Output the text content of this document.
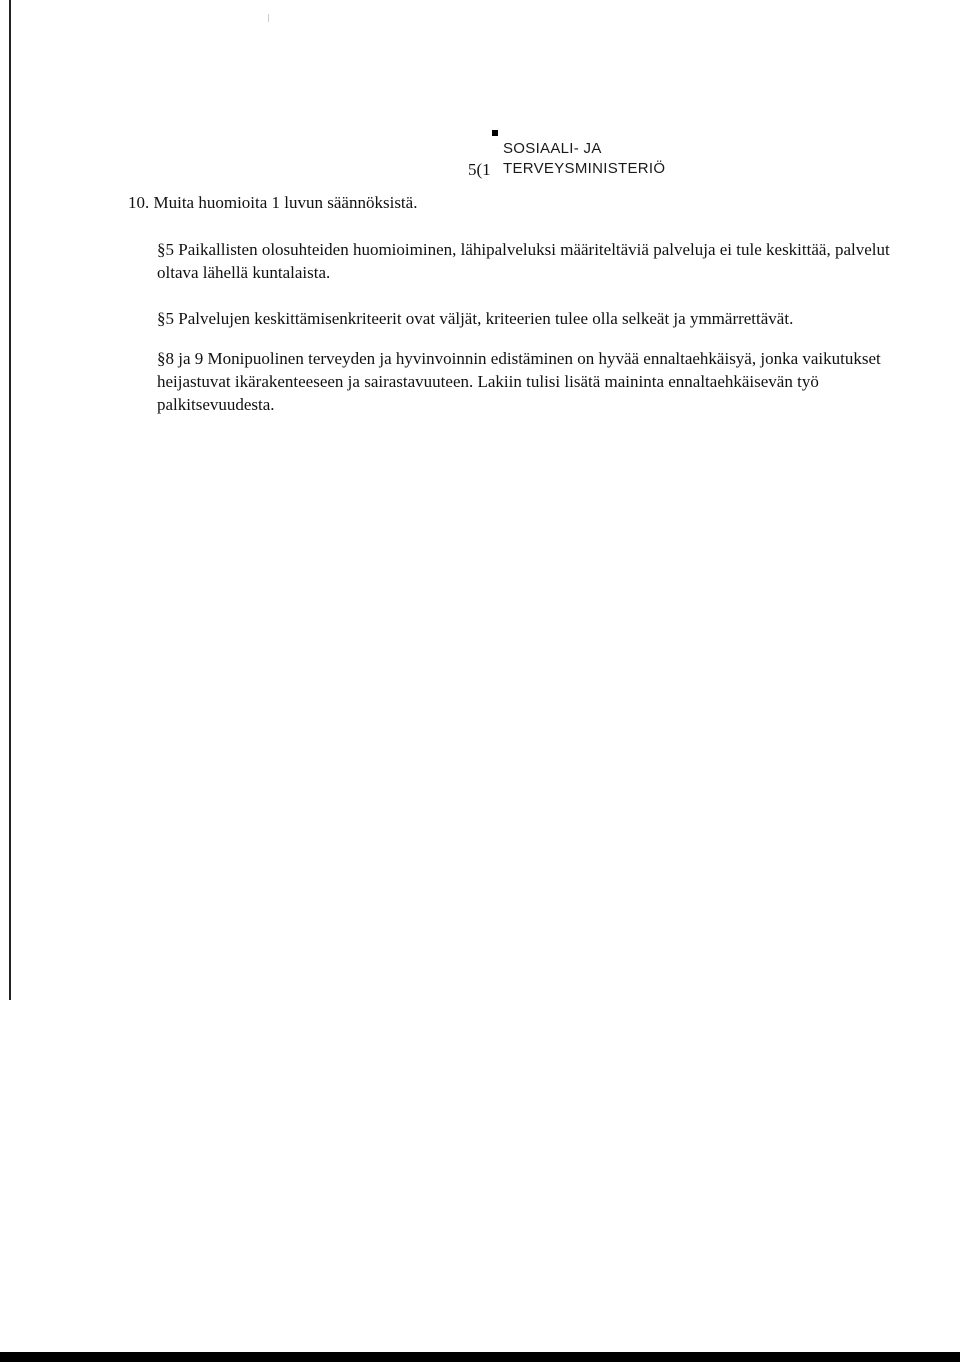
5(1
SOSIAALI- JA
TERVEYSMINISTERIÖ
10. Muita huomioita 1 luvun säännöksistä.

§5 Paikallisten olosuhteiden huomioiminen, lähipalveluksi määriteltäviä palveluja ei tule keskittää, palvelut oltava lähellä kuntalaista.

§5 Palvelujen keskittämisenkriteerit ovat väljät, kriteerien tulee olla selkeät ja ymmärrettävät.

§8 ja 9 Monipuolinen terveyden ja hyvinvoinnin edistäminen on hyvää ennaltaehkäisyä, jonka vaikutukset heijastuvat ikärakenteeseen ja sairastavuuteen. Lakiin tulisi lisätä maininta ennaltaehkäisevän työ palkitsevuudesta.
